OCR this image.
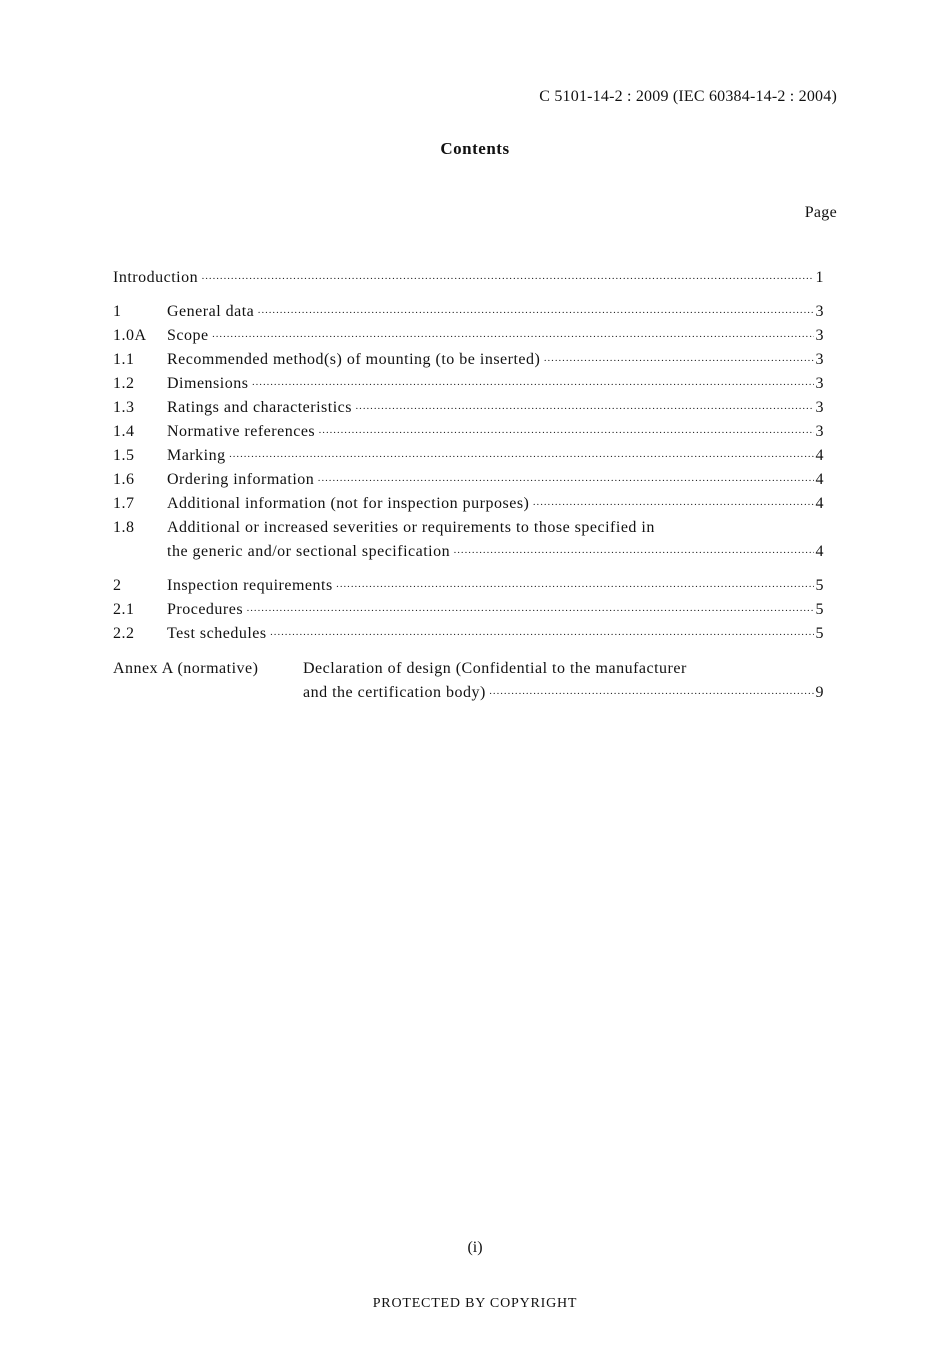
C 5101-14-2 : 2009 (IEC 60384-14-2 : 2004)
Contents
Page
Introduction ·····	1
1	General data ·····	3
1.0A	Scope ·····	3
1.1	Recommended method(s) of mounting (to be inserted) ·····	3
1.2	Dimensions ·····	3
1.3	Ratings and characteristics ·····	3
1.4	Normative references ·····	3
1.5	Marking ·····	4
1.6	Ordering information ·····	4
1.7	Additional information (not for inspection purposes) ·····	4
1.8	Additional or increased severities or requirements to those specified in
the generic and/or sectional specification ·····	4
2	Inspection requirements ·····	5
2.1	Procedures ·····	5
2.2	Test schedules ·····	5
Annex A (normative)	Declaration of design (Confidential to the manufacturer
and the certification body) ·····	9
(i)
PROTECTED BY COPYRIGHT
